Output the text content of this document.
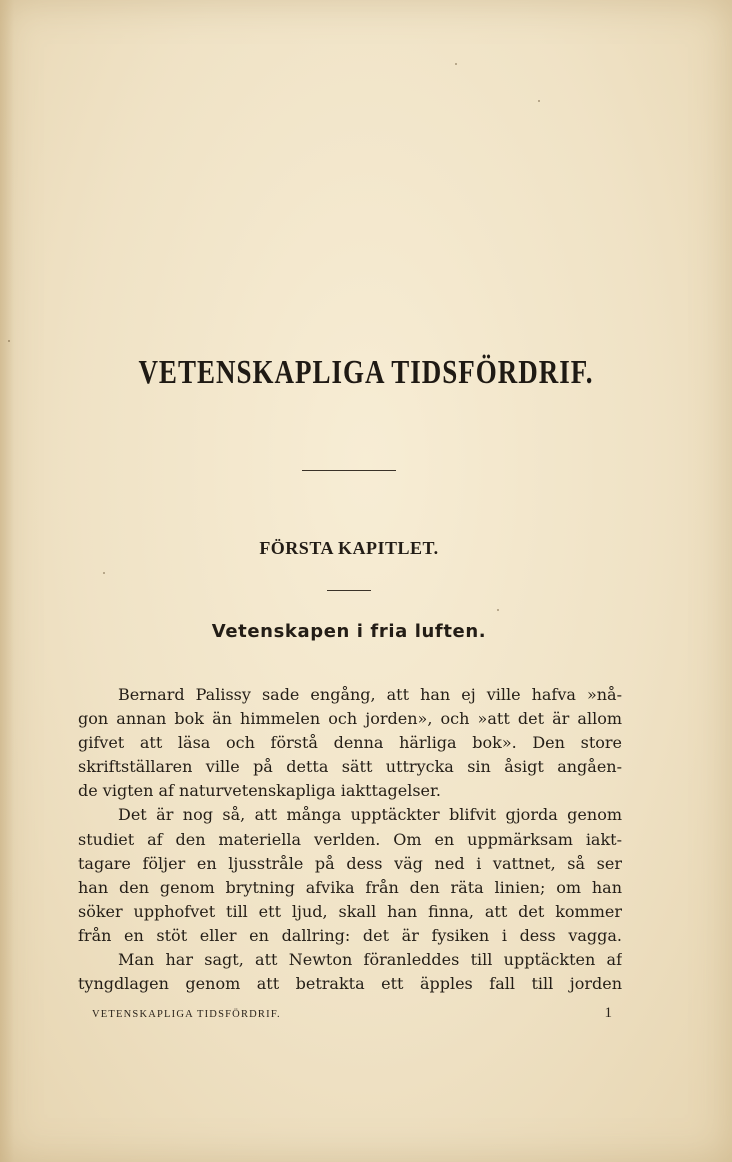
VETENSKAPLIGA TIDSFÖRDRIF.
FÖRSTA KAPITLET.
Vetenskapen i fria luften.

Bernard Palissy sade engång, att han ej ville hafva »nå-
gon annan bok än himmelen och jorden», och »att det är allom
gifvet att läsa och förstå denna härliga bok». Den store
skriftställaren ville på detta sätt uttrycka sin åsigt angåen-
de vigten af naturvetenskapliga iakttagelser.
Det är nog så, att många upptäckter blifvit gjorda genom
studiet af den materiella verlden. Om en uppmärksam iakt-
tagare följer en ljusstråle på dess väg ned i vattnet, så ser
han den genom brytning afvika från den räta linien; om han
söker upphofvet till ett ljud, skall han finna, att det kommer
från en stöt eller en dallring: det är fysiken i dess vagga.
Man har sagt, att Newton föranleddes till upptäckten af
tyngdlagen genom att betrakta ett äpples fall till jorden

VETENSKAPLIGA TIDSFÖRDRIF.	1
